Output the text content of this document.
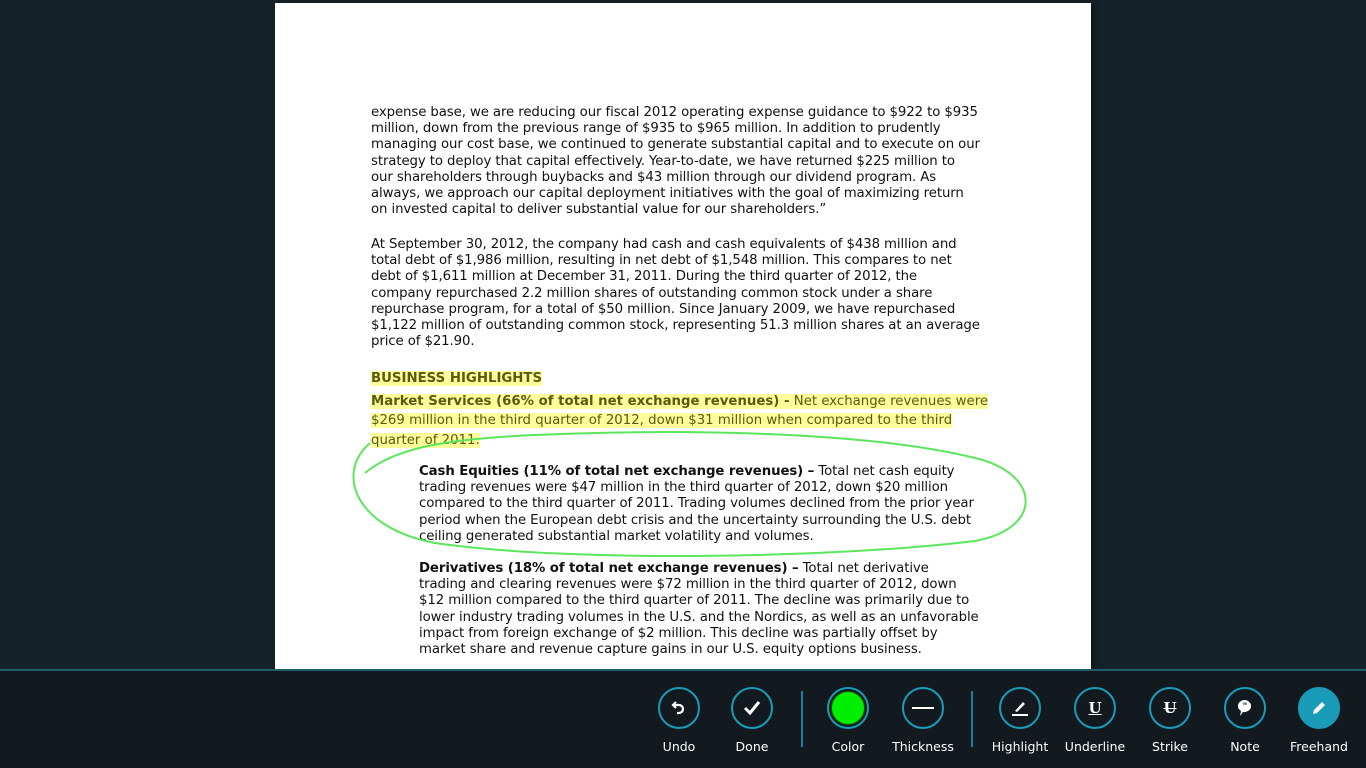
expense base, we are reducing our fiscal 2012 operating expense guidance to $922 to $935
million, down from the previous range of $935 to $965 million. In addition to prudently
managing our cost base, we continued to generate substantial capital and to execute on our
strategy to deploy that capital effectively. Year-to-date, we have returned $225 million to
our shareholders through buybacks and $43 million through our dividend program. As
always, we approach our capital deployment initiatives with the goal of maximizing return
on invested capital to deliver substantial value for our shareholders.”
At September 30, 2012, the company had cash and cash equivalents of $438 million and
total debt of $1,986 million, resulting in net debt of $1,548 million. This compares to net
debt of $1,611 million at December 31, 2011. During the third quarter of 2012, the
company repurchased 2.2 million shares of outstanding common stock under a share
repurchase program, for a total of $50 million. Since January 2009, we have repurchased
$1,122 million of outstanding common stock, representing 51.3 million shares at an average
price of $21.90.
BUSINESS HIGHLIGHTS
Market Services (66% of total net exchange revenues) - Net exchange revenues were
$269 million in the third quarter of 2012, down $31 million when compared to the third
quarter of 2011.
Cash Equities (11% of total net exchange revenues) – Total net cash equity
trading revenues were $47 million in the third quarter of 2012, down $20 million
compared to the third quarter of 2011. Trading volumes declined from the prior year
period when the European debt crisis and the uncertainty surrounding the U.S. debt
ceiling generated substantial market volatility and volumes.
Derivatives (18% of total net exchange revenues) – Total net derivative
trading and clearing revenues were $72 million in the third quarter of 2012, down
$12 million compared to the third quarter of 2011. The decline was primarily due to
lower industry trading volumes in the U.S. and the Nordics, as well as an unfavorable
impact from foreign exchange of $2 million. This decline was partially offset by
market share and revenue capture gains in our U.S. equity options business.
Undo	Done	Color	Thickness	Highlight
U
Underline
U
Strike
"
Note	Freehand
